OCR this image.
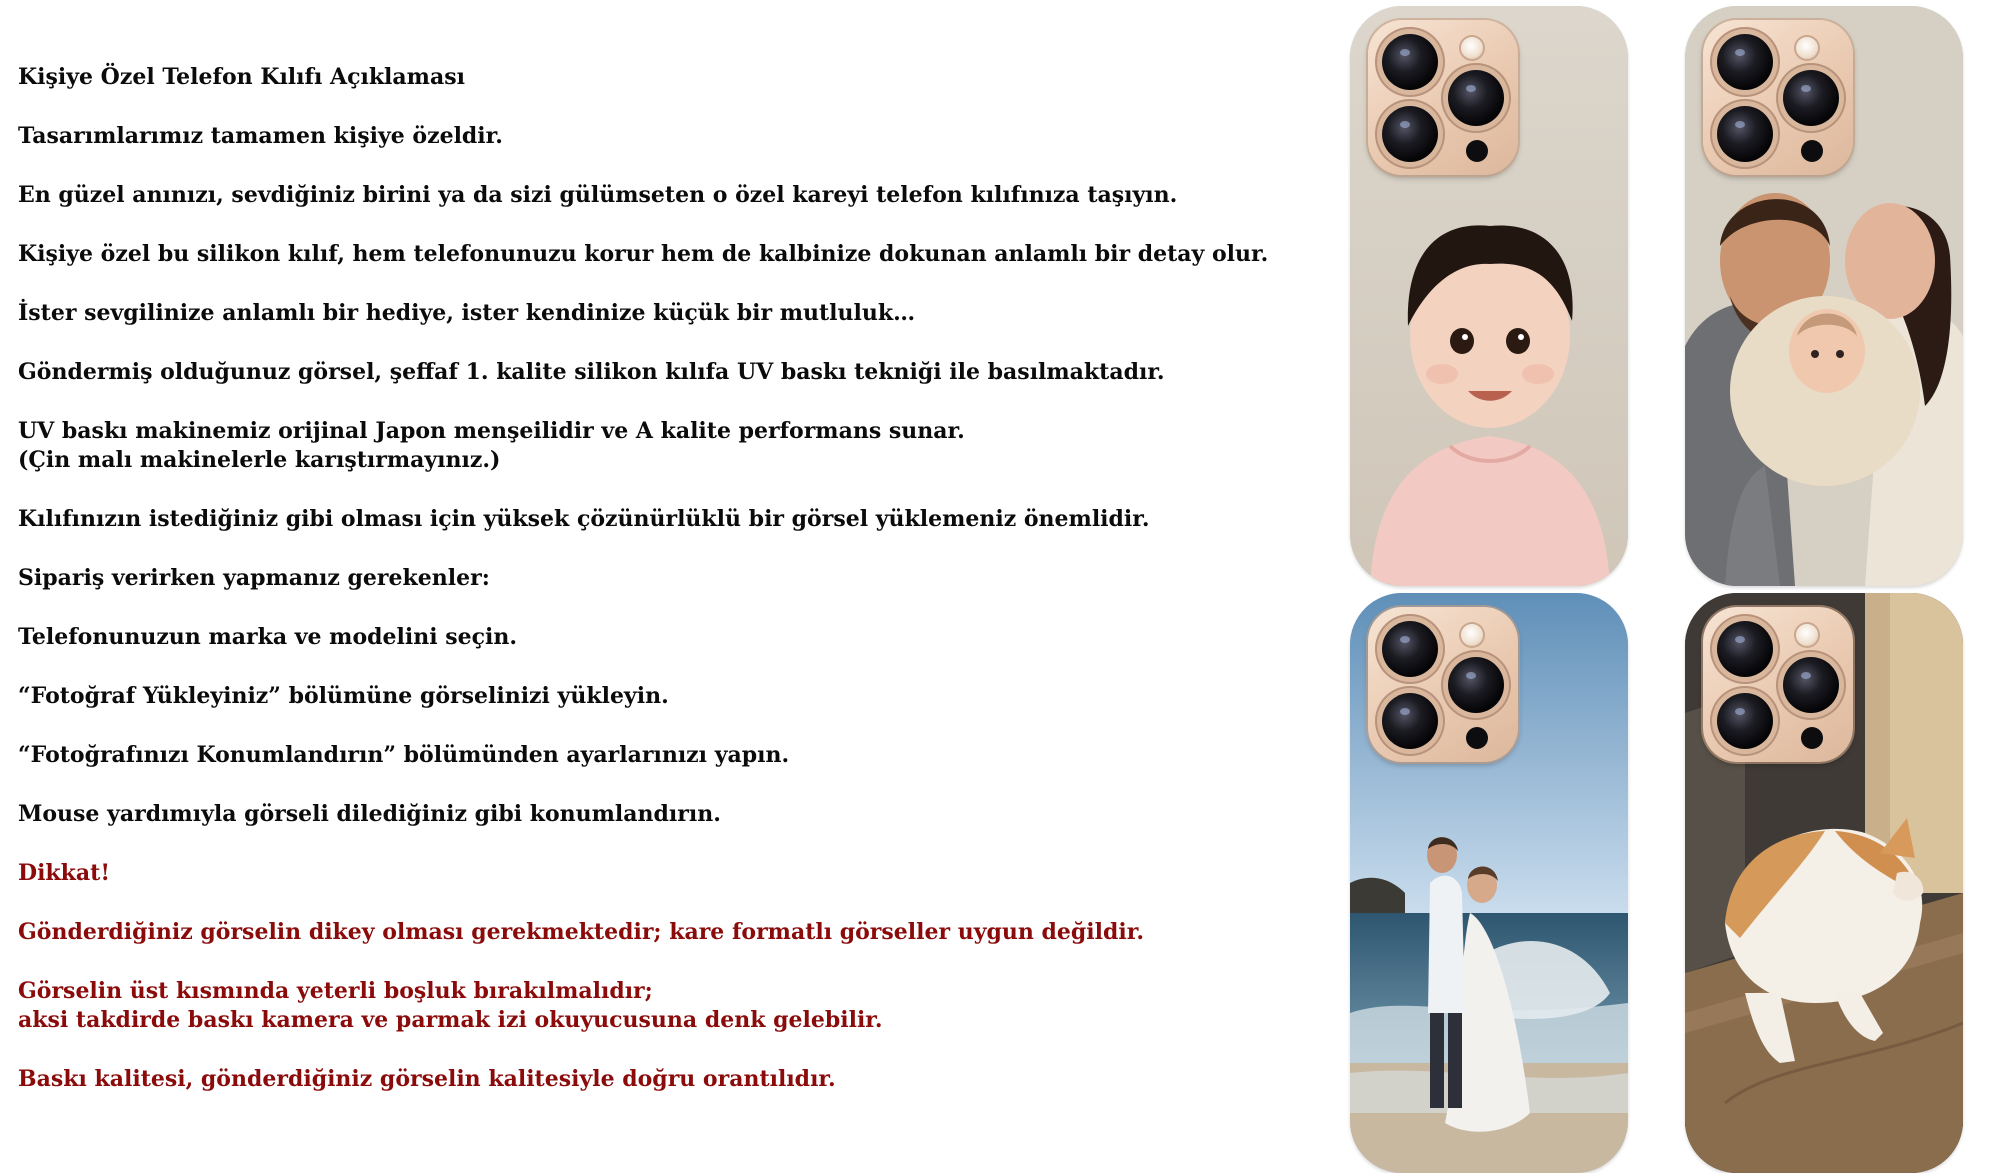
Kişiye Özel Telefon Kılıfı Açıklaması

Tasarımlarımız tamamen kişiye özeldir.

En güzel anınızı, sevdiğiniz birini ya da sizi gülümseten o özel kareyi telefon kılıfınıza taşıyın.

Kişiye özel bu silikon kılıf, hem telefonunuzu korur hem de kalbinize dokunan anlamlı bir detay olur.

İster sevgilinize anlamlı bir hediye, ister kendinize küçük bir mutluluk…

Göndermiş olduğunuz görsel, şeffaf 1. kalite silikon kılıfa UV baskı tekniği ile basılmaktadır.

UV baskı makinemiz orijinal Japon menşeilidir ve A kalite performans sunar.

(Çin malı makinelerle karıştırmayınız.)

Kılıfınızın istediğiniz gibi olması için yüksek çözünürlüklü bir görsel yüklemeniz önemlidir.

Sipariş verirken yapmanız gerekenler:

Telefonunuzun marka ve modelini seçin.

“Fotoğraf Yükleyiniz” bölümüne görselinizi yükleyin.

“Fotoğrafınızı Konumlandırın” bölümünden ayarlarınızı yapın.

Mouse yardımıyla görseli dilediğiniz gibi konumlandırın.

Dikkat!

Gönderdiğiniz görselin dikey olması gerekmektedir; kare formatlı görseller uygun değildir.

Görselin üst kısmında yeterli boşluk bırakılmalıdır;

aksi takdirde baskı kamera ve parmak izi okuyucusuna denk gelebilir.

Baskı kalitesi, gönderdiğiniz görselin kalitesiyle doğru orantılıdır.
